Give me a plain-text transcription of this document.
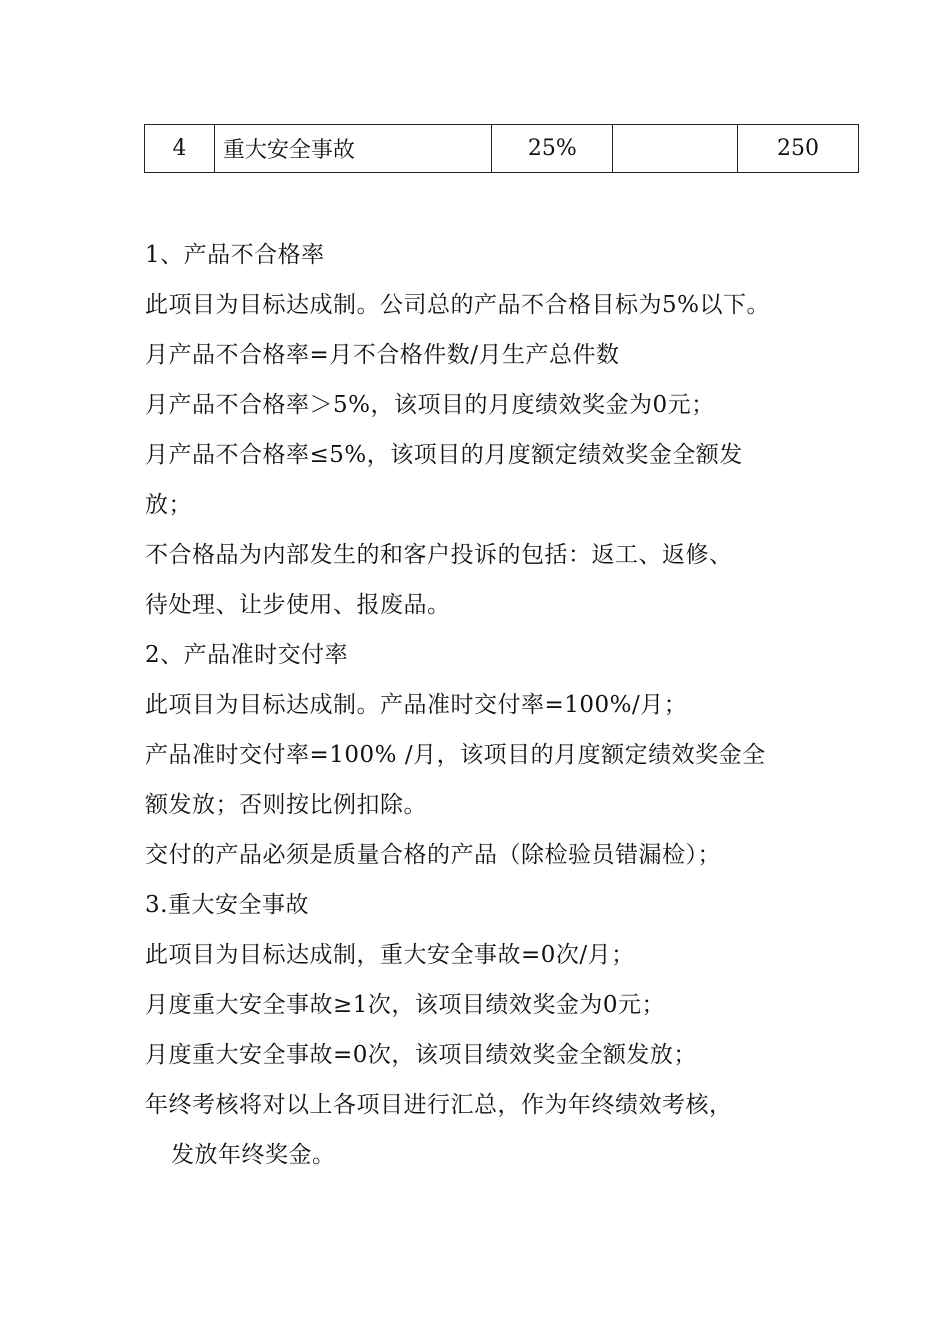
4	重大安全事故	25%		250

1、产品不合格率

此项目为目标达成制。公司总的产品不合格目标为5%以下。

月产品不合格率=月不合格件数/月生产总件数

月产品不合格率＞5%，该项目的月度绩效奖金为0元；

月产品不合格率≤5%，该项目的月度额定绩效奖金全额发

放；

不合格品为内部发生的和客户投诉的包括：返工、返修、

待处理、让步使用、报废品。

2、产品准时交付率

此项目为目标达成制。产品准时交付率=100%/月；

产品准时交付率=100% /月，该项目的月度额定绩效奖金全

额发放；否则按比例扣除。

交付的产品必须是质量合格的产品（除检验员错漏检）；

3.重大安全事故

此项目为目标达成制，重大安全事故=0次/月；

月度重大安全事故≥1次，该项目绩效奖金为0元；

月度重大安全事故=0次，该项目绩效奖金全额发放；

年终考核将对以上各项目进行汇总，作为年终绩效考核，

发放年终奖金。
